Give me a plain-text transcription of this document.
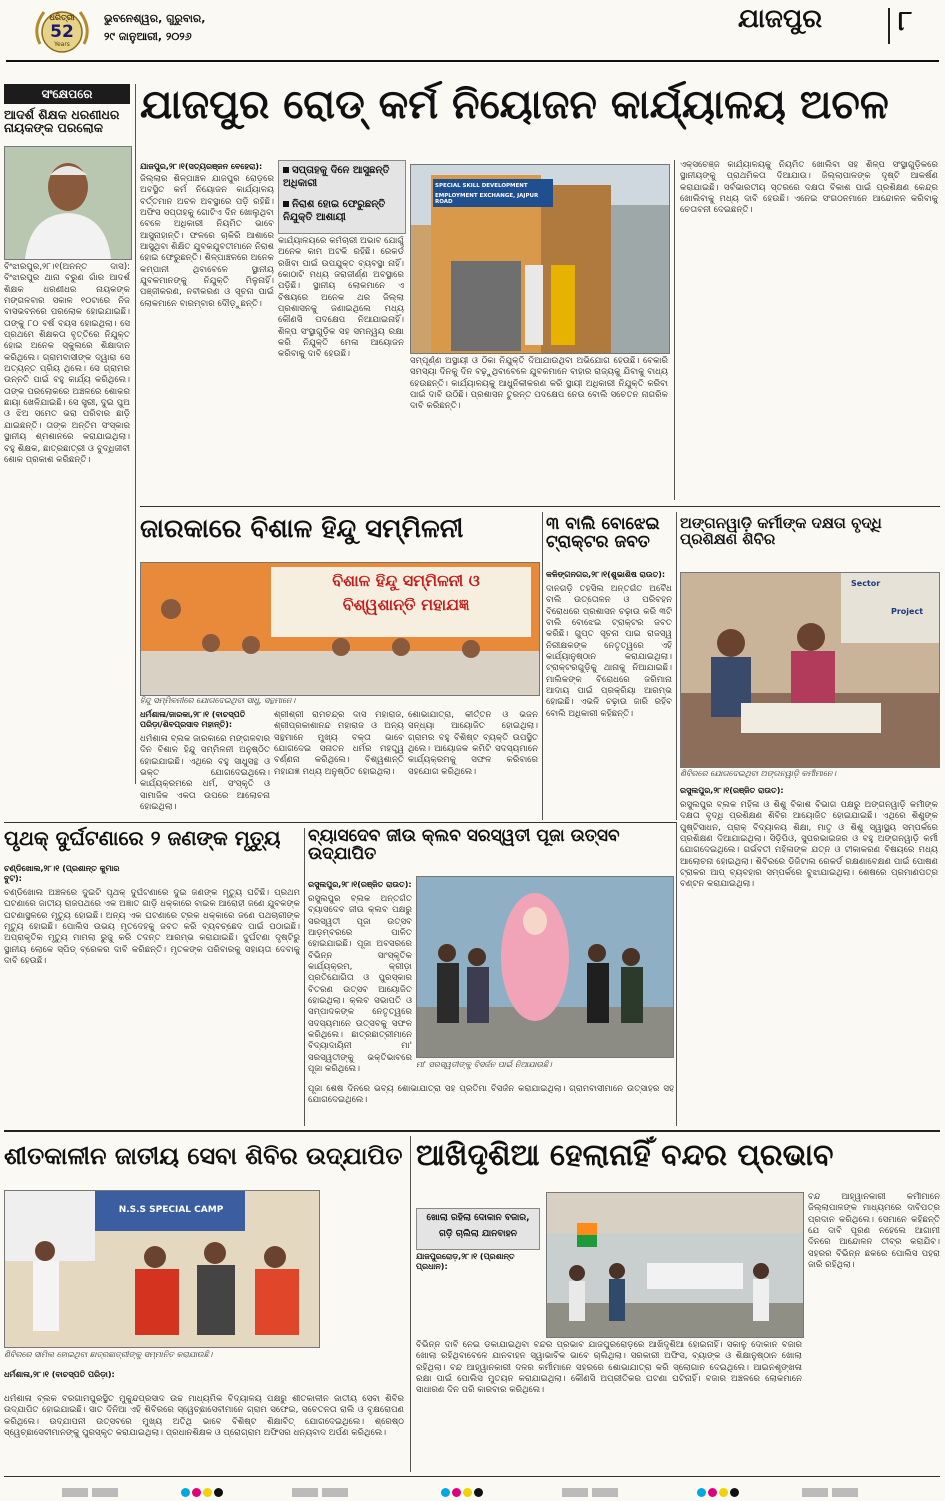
ଧରିତ୍ରୀ
52
Years
ଭୁବନେଶ୍ୱର, ଗୁରୁବାର,
୨୯ ଜାନୁଆରୀ, ୨୦୨୬
ଯାଜପୁର	୮
ସଂକ୍ଷେପରେ
ଆଦର୍ଶ ଶିକ୍ଷକ ଧରଣୀଧର ନାୟକଙ୍କ ପରଲୋକ
ବିଂଝାରପୁର,୨୮।୧(ଅନନ୍ତ ଦାସ): ବିଂଝାରପୁର ଥାନା ବରୁଣ ଗାଁର ଆଦର୍ଶ ଶିକ୍ଷକ ଧରଣୀଧର ନାୟକଙ୍କ ମଙ୍ଗଳବାର ସକାଳ ୧୦ଟାରେ ନିଜ ବାସଭବନରେ ପରଲୋକ ହୋଇଯାଇଛି। ତାଙ୍କୁ ୮୦ ବର୍ଷ ବୟସ ହୋଇଥିଲା। ସେ ପ୍ରଥମେ ଶିକ୍ଷକତା ବୃତ୍ତିରେ ନିଯୁକ୍ତ ହୋଇ ଅନେକ ସ୍କୁଲରେ ଶିକ୍ଷାଦାନ କରିଥିଲେ। ଗ୍ରାମବାସୀଙ୍କ ଦ୍ୱାରା ସେ ଅତ୍ୟନ୍ତ ପ୍ରିୟ ଥିଲେ। ସେ ଗ୍ରାମର ଉନ୍ନତି ପାଇଁ ବହୁ କାର୍ଯ୍ୟ କରିଥିଲେ। ତାଙ୍କ ପରଲୋକରେ ଅଞ୍ଚଳରେ ଶୋକର ଛାୟା ଖେଳିଯାଇଛି। ସେ ସ୍ତ୍ରୀ, ଦୁଇ ପୁଅ ଓ ଝିଅ ସମେତ ଭରା ପରିବାର ଛାଡ଼ି ଯାଇଛନ୍ତି। ତାଙ୍କ ଅନ୍ତିମ ସଂସ୍କାର ସ୍ଥାନୀୟ ଶ୍ମଶାନରେ କରାଯାଇଥିଲା। ବହୁ ଶିକ୍ଷକ, ଛାତ୍ରଛାତ୍ରୀ ଓ ବୁଦ୍ଧିଜୀବୀ ଶୋକ ପ୍ରକାଶ କରିଛନ୍ତି।
ଯାଜପୁର ରୋଡ୍ କର୍ମ ନିୟୋଜନ କାର୍ଯ୍ୟାଳୟ ଅଚଳ
ଯାଜପୁର,୨୮।୧(ସତ୍ୟରଞ୍ଜନ ବେହେରା):	ସପ୍ତାହକୁ ଦିନେ ଆସୁଛନ୍ତି ଅଧିକାରୀ
ନିରାଶ ହୋଇ ଫେରୁଛନ୍ତି ନିଯୁକ୍ତି ଆଶାୟୀ
ଜିଲ୍ଲାର ଶିଳ୍ପାଞ୍ଚଳ ଯାଜପୁର ରୋଡ଼ରେ ଅବସ୍ଥିତ କର୍ମ ନିୟୋଜନ କାର୍ଯ୍ୟାଳୟ ବର୍ତ୍ତମାନ ଅଚଳ ଅବସ୍ଥାରେ ପଡ଼ି ରହିଛି। ଅଫିସ ସପ୍ତାହକୁ ଗୋଟିଏ ଦିନ ଖୋଲୁଥିବା ବେଳେ ଅଧିକାରୀ ନିୟମିତ ଭାବେ ଆସୁନାହାନ୍ତି। ଫଳରେ ଚାକିରି ଆଶାରେ ଆସୁଥିବା ଶିକ୍ଷିତ ଯୁବକଯୁବତୀମାନେ ନିରାଶ ହୋଇ ଫେରୁଛନ୍ତି। ଶିଳ୍ପାଞ୍ଚଳରେ ଅନେକ କମ୍ପାନୀ ଥିବାବେଳେ ସ୍ଥାନୀୟ ଯୁବକମାନଙ୍କୁ ନିଯୁକ୍ତି ମିଳୁନାହିଁ। ପଞ୍ଜୀକରଣ, ନବୀକରଣ ଓ ସୂଚନା ପାଇଁ ଲୋକମାନେ ବାରମ୍ବାର ଦୌଡ଼ୁଛନ୍ତି।
କାର୍ଯ୍ୟାଳୟରେ କର୍ମଚାରୀ ଅଭାବ ଯୋଗୁଁ ଅନେକ କାମ ଅଟକି ରହିଛି। ରେକର୍ଡ ରଖିବା ପାଇଁ ଉପଯୁକ୍ତ ବ୍ୟବସ୍ଥା ନାହିଁ। କୋଠାଟି ମଧ୍ୟ ଜରାଜୀର୍ଣ୍ଣ ଅବସ୍ଥାରେ ପଡ଼ିଛି। ସ୍ଥାନୀୟ ଲୋକମାନେ ଏ ବିଷୟରେ ଅନେକ ଥର ଜିଲ୍ଲା ପ୍ରଶାସନକୁ ଜଣାଇଥିଲେ ମଧ୍ୟ କୌଣସି ପଦକ୍ଷେପ ନିଆଯାଇନାହିଁ। ଶିଳ୍ପ ସଂସ୍ଥାଗୁଡ଼ିକ ସହ ସମନ୍ୱୟ ରକ୍ଷା କରି ନିଯୁକ୍ତି ମେଳା ଆୟୋଜନ କରିବାକୁ ଦାବି ହେଉଛି।
SPECIAL SKILL DEVELOPMENT
EMPLOYMENT EXCHANGE, JAJPUR ROAD
ସମ୍ପୂର୍ଣ୍ଣ ଅସ୍ଥାୟୀ ଓ ଠିକା ନିଯୁକ୍ତି ଦିଆଯାଉଥିବା ଅଭିଯୋଗ ହେଉଛି। ବେକାରି ସମସ୍ୟା ଦିନକୁ ଦିନ ବଢ଼ୁଥିବାବେଳେ ଯୁବକମାନେ ବାହାର ରାଜ୍ୟକୁ ଯିବାକୁ ବାଧ୍ୟ ହେଉଛନ୍ତି। କାର୍ଯ୍ୟାଳୟକୁ ଆଧୁନିକୀକରଣ କରି ସ୍ଥାୟୀ ଅଧିକାରୀ ନିଯୁକ୍ତି କରିବା ପାଇଁ ଦାବି ଉଠିଛି। ପ୍ରଶାସନ ତୁରନ୍ତ ପଦକ୍ଷେପ ନେଉ ବୋଲି ସଚେତନ ନାଗରିକ ଦାବି କରିଛନ୍ତି।
ଏକ୍ସଚେଞ୍ଜ କାର୍ଯ୍ୟାଳୟକୁ ନିୟମିତ ଖୋଲିବା ସହ ଶିଳ୍ପ ସଂସ୍ଥାଗୁଡ଼ିକରେ ସ୍ଥାନୀୟଙ୍କୁ ପ୍ରାଥମିକତା ଦିଆଯାଉ। ଜିଲ୍ଲାପାଳଙ୍କ ଦୃଷ୍ଟି ଆକର୍ଷଣ କରାଯାଇଛି। ସର୍ବଭାରତୀୟ ସ୍ତରରେ ଦକ୍ଷତା ବିକାଶ ପାଇଁ ପ୍ରଶିକ୍ଷଣ କେନ୍ଦ୍ର ଖୋଲିବାକୁ ମଧ୍ୟ ଦାବି ହେଉଛି। ଏନେଇ ସଂଗଠନମାନେ ଆନ୍ଦୋଳନ କରିବାକୁ ଚେତାବନୀ ଦେଇଛନ୍ତି।
ଜାରକାରେ ବିଶାଳ ହିନ୍ଦୁ ସମ୍ମିଳନୀ
ବିଶାଳ ହିନ୍ଦୁ ସମ୍ମିଳନୀ ଓ
ବିଶ୍ୱଶାନ୍ତି ମହାଯଜ୍ଞ
ହିନ୍ଦୁ ସମ୍ମିଳନୀରେ ଯୋଗଦେଇଥିବା ସାଧୁ, ସନ୍ଥମାନେ।
ଧର୍ମଶାଳା/ଜାରକା,୨୮।୧ (ବାଚସ୍ପତି ପରିଡ଼ା/ଶିବପ୍ରସାଦ ମହାନ୍ତି):
ଧର୍ମଶାଳା ବ୍ଲକ ଜାରକାରେ ମଙ୍ଗଳବାର ଦିନ ବିଶାଳ ହିନ୍ଦୁ ସମ୍ମିଳନୀ ଅନୁଷ୍ଠିତ ହୋଇଯାଇଛି। ଏଥିରେ ବହୁ ସାଧୁସନ୍ଥ ଓ ଭକ୍ତ ଯୋଗଦେଇଥିଲେ। କାର୍ଯ୍ୟକ୍ରମରେ ଧର୍ମ, ସଂସ୍କୃତି ଓ ସାମାଜିକ ଏକତା ଉପରେ ଆଲୋଚନା ହୋଇଥିଲା।
ଶ୍ରୀଶ୍ରୀ ରାମଚନ୍ଦ୍ର ଦାସ ମହାରାଜ, ଶ୍ରୀପ୍ରକାଶାନନ୍ଦ ମହାରାଜ ଓ ଅନ୍ୟ ସନ୍ଥମାନେ ମୁଖ୍ୟ ବକ୍ତା ଭାବେ ଯୋଗଦେଇ ସନାତନ ଧର୍ମର ମହତ୍ତ୍ୱ ବର୍ଣ୍ଣନା କରିଥିଲେ। ବିଶ୍ୱଶାନ୍ତି ମହାଯଜ୍ଞ ମଧ୍ୟ ଅନୁଷ୍ଠିତ ହୋଇଥିଲା।
ଶୋଭାଯାତ୍ରା, କୀର୍ତ୍ତନ ଓ ଭଜନ ସନ୍ଧ୍ୟା ଆୟୋଜିତ ହୋଇଥିଲା। ଗ୍ରାମର ବହୁ ବିଶିଷ୍ଟ ବ୍ୟକ୍ତି ଉପସ୍ଥିତ ଥିଲେ। ଆୟୋଜକ କମିଟି ସଦସ୍ୟମାନେ କାର୍ଯ୍ୟକ୍ରମକୁ ସଫଳ କରିବାରେ ସହଯୋଗ କରିଥିଲେ।
୩ ବାଲି ବୋଝେଇ ଟ୍ରାକ୍ଟର ଜବତ
କଳିଙ୍ଗନଗର,୨୮।୧(ଶୁଭାଶିଷ ରାଉତ):
ଦାନଗଡ଼ି ତହସିଲ ଅନ୍ତର୍ଗତ ଅବୈଧ ବାଲି ଉତ୍ତୋଳନ ଓ ପରିବହନ ବିରୋଧରେ ପ୍ରଶାସନ ଚଢ଼ାଉ କରି ୩ଟି ବାଲି ବୋଝେଇ ଟ୍ରାକ୍ଟର ଜବତ କରିଛି। ଗୁପ୍ତ ସୂଚନା ପାଇ ରାଜସ୍ୱ ନିରୀକ୍ଷକଙ୍କ ନେତୃତ୍ୱରେ ଏହି କାର୍ଯ୍ୟାନୁଷ୍ଠାନ କରାଯାଇଥିଲା। ଟ୍ରାକ୍ଟରଗୁଡ଼ିକୁ ଥାନାକୁ ନିଆଯାଇଛି। ମାଲିକଙ୍କ ବିରୋଧରେ ଜରିମାନା ଆଦାୟ ପାଇଁ ପ୍ରକ୍ରିୟା ଆରମ୍ଭ ହୋଇଛି। ଏଭଳି ଚଢ଼ାଉ ଜାରି ରହିବ ବୋଲି ଅଧିକାରୀ କହିଛନ୍ତି।
ଅଙ୍ଗନୱାଡ଼ି କର୍ମୀଙ୍କ ଦକ୍ଷତା ବୃଦ୍ଧି ପ୍ରଶିକ୍ଷଣ ଶିବିର
Sector
Project
ଶିବିରରେ ଯୋଗଦେଇଥିବା ଅଙ୍ଗନୱାଡ଼ି କର୍ମୀମାନେ।
ରସୁଲପୁର,୨୮।୧(ରଞ୍ଜିତ ରାଉତ):
ରସୁଲପୁର ବ୍ଲକ ମହିଳା ଓ ଶିଶୁ ବିକାଶ ବିଭାଗ ପକ୍ଷରୁ ଅଙ୍ଗନୱାଡ଼ି କର୍ମୀଙ୍କ ଦକ୍ଷତା ବୃଦ୍ଧି ପ୍ରଶିକ୍ଷଣ ଶିବିର ଆୟୋଜିତ ହୋଇଯାଇଛି। ଏଥିରେ ଶିଶୁଙ୍କ ପୁଷ୍ଟିସାଧନ, ପ୍ରାକ୍ ବିଦ୍ୟାଳୟ ଶିକ୍ଷା, ମାତୃ ଓ ଶିଶୁ ସ୍ୱାସ୍ଥ୍ୟ ସମ୍ପର୍କରେ ପ୍ରଶିକ୍ଷଣ ଦିଆଯାଇଥିଲା। ସିଡ଼ିପିଓ, ସୁପରଭାଇଜର ଓ ବହୁ ଅଙ୍ଗନୱାଡ଼ି କର୍ମୀ ଯୋଗଦେଇଥିଲେ। ଗର୍ଭବତୀ ମହିଳାଙ୍କ ଯତ୍ନ ଓ ଟୀକାକରଣ ବିଷୟରେ ମଧ୍ୟ ଆଲୋଚନା ହୋଇଥିଲା। ଶିବିରରେ ଡିଜିଟାଲ ରେକର୍ଡ ରକ୍ଷଣାବେକ୍ଷଣ ପାଇଁ ପୋଷଣ ଟ୍ରାକର ଆପ୍ ବ୍ୟବହାର ସମ୍ପର୍କରେ ବୁଝାଯାଇଥିଲା। ଶେଷରେ ପ୍ରମାଣପତ୍ର ବଣ୍ଟନ କରାଯାଇଥିଲା।
ପୃଥକ୍ ଦୁର୍ଘଟଣାରେ ୨ ଜଣଙ୍କ ମୃତ୍ୟୁ
ଚଣ୍ଡିଖୋଲ,୨୮।୧ (ପ୍ରଶାନ୍ତ କୁମାର ବୁଟ):
ଚଣ୍ଡିଖୋଲ ଅଞ୍ଚଳରେ ଦୁଇଟି ପୃଥକ୍ ଦୁର୍ଘଟଣାରେ ଦୁଇ ଜଣଙ୍କ ମୃତ୍ୟୁ ଘଟିଛି। ପ୍ରଥମ ଘଟଣାରେ ଜାତୀୟ ରାଜପଥରେ ଏକ ଅଜ୍ଞାତ ଗାଡ଼ି ଧକ୍କାରେ ବାଇକ ଆରୋହୀ ଜଣେ ଯୁବକଙ୍କ ଘଟଣାସ୍ଥଳରେ ମୃତ୍ୟୁ ହୋଇଛି। ଅନ୍ୟ ଏକ ଘଟଣାରେ ଟ୍ରକ ଧକ୍କାରେ ଜଣେ ପଥଚାରୀଙ୍କ ମୃତ୍ୟୁ ହୋଇଛି। ପୋଲିସ ଉଭୟ ମୃତଦେହକୁ ଜବତ କରି ବ୍ୟବଚ୍ଛେଦ ପାଇଁ ପଠାଇଛି। ଅପ୍ରାକୃତିକ ମୃତ୍ୟୁ ମାମଲା ରୁଜୁ କରି ତଦନ୍ତ ଆରମ୍ଭ କରାଯାଇଛି। ଦୁର୍ଘଟଣା ଦୃଷ୍ଟିରୁ ସ୍ଥାନୀୟ ଲୋକେ ସ୍ପିଡ୍ ବ୍ରେକର ଦାବି କରିଛନ୍ତି। ମୃତକଙ୍କ ପରିବାରକୁ ସହାୟତା ଦେବାକୁ ଦାବି ହେଉଛି।
ବ୍ୟାସଦେବ ଜୀଉ କ୍ଲବ ସରସ୍ୱତୀ ପୂଜା ଉତ୍ସବ ଉଦ୍ଯାପିତ
ରସୁଲପୁର,୨୮।୧(ରଞ୍ଜିତ ରାଉତ):
ରସୁଲପୁର ବ୍ଲକ ଅନ୍ତର୍ଗତ ବ୍ୟାସଦେବ ଜୀଉ କ୍ଲବ ପକ୍ଷରୁ ସରସ୍ୱତୀ ପୂଜା ଉତ୍ସବ ଆଡ଼ମ୍ବରରେ ପାଳିତ ହୋଇଯାଇଛି। ପୂଜା ଅବସରରେ ବିଭିନ୍ନ ସାଂସ୍କୃତିକ କାର୍ଯ୍ୟକ୍ରମ, କ୍ରୀଡ଼ା ପ୍ରତିଯୋଗିତା ଓ ପୁରସ୍କାର ବିତରଣ ଉତ୍ସବ ଆୟୋଜିତ ହୋଇଥିଲା। କ୍ଲବ ସଭାପତି ଓ ସମ୍ପାଦକଙ୍କ ନେତୃତ୍ୱରେ ସଦସ୍ୟମାନେ ଉତ୍ସବକୁ ସଫଳ କରିଥିଲେ। ଛାତ୍ରଛାତ୍ରୀମାନେ ବିଦ୍ୟାଦାୟିନୀ ମା' ସରସ୍ୱତୀଙ୍କୁ ଭକ୍ତିଭାବରେ ପୂଜା କରିଥିଲେ।	ମା' ସରସ୍ୱତୀଙ୍କୁ ବିସର୍ଜନ ପାଇଁ ନିଆଯାଉଛି।
ପୂଜା ଶେଷ ଦିନରେ ଭବ୍ୟ ଶୋଭାଯାତ୍ରା ସହ ପ୍ରତିମା ବିସର୍ଜନ କରାଯାଇଥିଲା। ଗ୍ରାମବାସୀମାନେ ଉତ୍ସାହର ସହ ଯୋଗଦେଇଥିଲେ।
ଶୀତକାଳୀନ ଜାତୀୟ ସେବା ଶିବିର ଉଦ୍ଯାପିତ
N.S.S SPECIAL CAMP
ଶିବିରରେ ସାମିଲ ହୋଇଥିବା ଛାତ୍ରଛାତ୍ରୀଙ୍କୁ ସମ୍ମାନିତ କରାଯାଉଛି।
ଧର୍ମଶାଳା,୨୮।୧ (ବାଚସ୍ପତି ପରିଡ଼ା):
ଧର୍ମଶାଳା ବ୍ଲକ ବରଗାମପୁରସ୍ଥିତ ମୁକୁନ୍ଦପ୍ରସାଦ ଉଚ୍ଚ ମାଧ୍ୟମିକ ବିଦ୍ୟାଳୟ ପକ୍ଷରୁ ଶୀତକାଳୀନ ଜାତୀୟ ସେବା ଶିବିର ଉଦ୍ଯାପିତ ହୋଇଯାଇଛି। ସାତ ଦିନିଆ ଏହି ଶିବିରରେ ସ୍ୱେଚ୍ଛାସେବୀମାନେ ଗ୍ରାମ ସଫେଇ, ସଚେତନତା ରାଲି ଓ ବୃକ୍ଷରୋପଣ କରିଥିଲେ। ଉଦ୍ଯାପନୀ ଉତ୍ସବରେ ମୁଖ୍ୟ ଅତିଥି ଭାବେ ବିଶିଷ୍ଟ ଶିକ୍ଷାବିତ୍ ଯୋଗଦେଇଥିଲେ। ଶ୍ରେଷ୍ଠ ସ୍ୱେଚ୍ଛାସେବୀମାନଙ୍କୁ ପୁରସ୍କୃତ କରାଯାଇଥିଲା। ପ୍ରଧାନଶିକ୍ଷକ ଓ ପ୍ରୋଗ୍ରାମ ଅଫିସର ଧନ୍ୟବାଦ ଅର୍ପଣ କରିଥିଲେ।
ଆଖିଦୃଶିଆ ହେଲାନାହିଁ ବନ୍ଦର ପ୍ରଭାବ
ଖୋଲା ରହିଲା ଦୋକାନ ବଜାର,
ଗଡ଼ି ଚାଲିଲା ଯାନବାହନ
ଯାଜପୁରରୋଡ଼,୨୮।୧ (ପ୍ରଶାନ୍ତ ପ୍ରଧାନ):
ବିଭିନ୍ନ ଦାବି ନେଇ ଡକାଯାଇଥିବା ବନ୍ଦର ପ୍ରଭାବ ଯାଜପୁରରୋଡ଼ରେ ଆଖିଦୃଶିଆ ହୋଇନାହିଁ। ସକାଳୁ ଦୋକାନ ବଜାର ଖୋଲା ରହିଥିବାବେଳେ ଯାନବାହନ ସ୍ୱାଭାବିକ ଭାବେ ଚାଲିଥିଲା। ସରକାରୀ ଅଫିସ, ବ୍ୟାଙ୍କ ଓ ଶିକ୍ଷାନୁଷ୍ଠାନ ଖୋଲା ରହିଥିଲା। ବନ୍ଦ ଆହ୍ୱାନକାରୀ ଦଳର କର୍ମୀମାନେ ସହରରେ ଶୋଭାଯାତ୍ରା କରି ସ୍ଲୋଗାନ ଦେଇଥିଲେ। ଆଇନଶୃଙ୍ଖଳା ରକ୍ଷା ପାଇଁ ପୋଲିସ ମୁତୟନ କରାଯାଇଥିଲା। କୌଣସି ଅପ୍ରୀତିକର ଘଟଣା ଘଟିନାହିଁ। ବଜାର ଅଞ୍ଚଳରେ ଲୋକମାନେ ସାଧାରଣ ଦିନ ପରି କାରବାର କରିଥିଲେ।
ବନ୍ଦ ଆହ୍ୱାନକାରୀ କର୍ମୀମାନେ ଜିଲ୍ଲାପାଳଙ୍କ ମାଧ୍ୟମରେ ଦାବିପତ୍ର ପ୍ରଦାନ କରିଥିଲେ। ସେମାନେ କହିଛନ୍ତି ଯେ ଦାବି ପୂରଣ ନହେଲେ ଆଗାମୀ ଦିନରେ ଆନ୍ଦୋଳନ ତୀବ୍ର କରାଯିବ। ସହରର ବିଭିନ୍ନ ଛକରେ ପୋଲିସ ପହରା ଜାରି ରହିଥିଲା।
